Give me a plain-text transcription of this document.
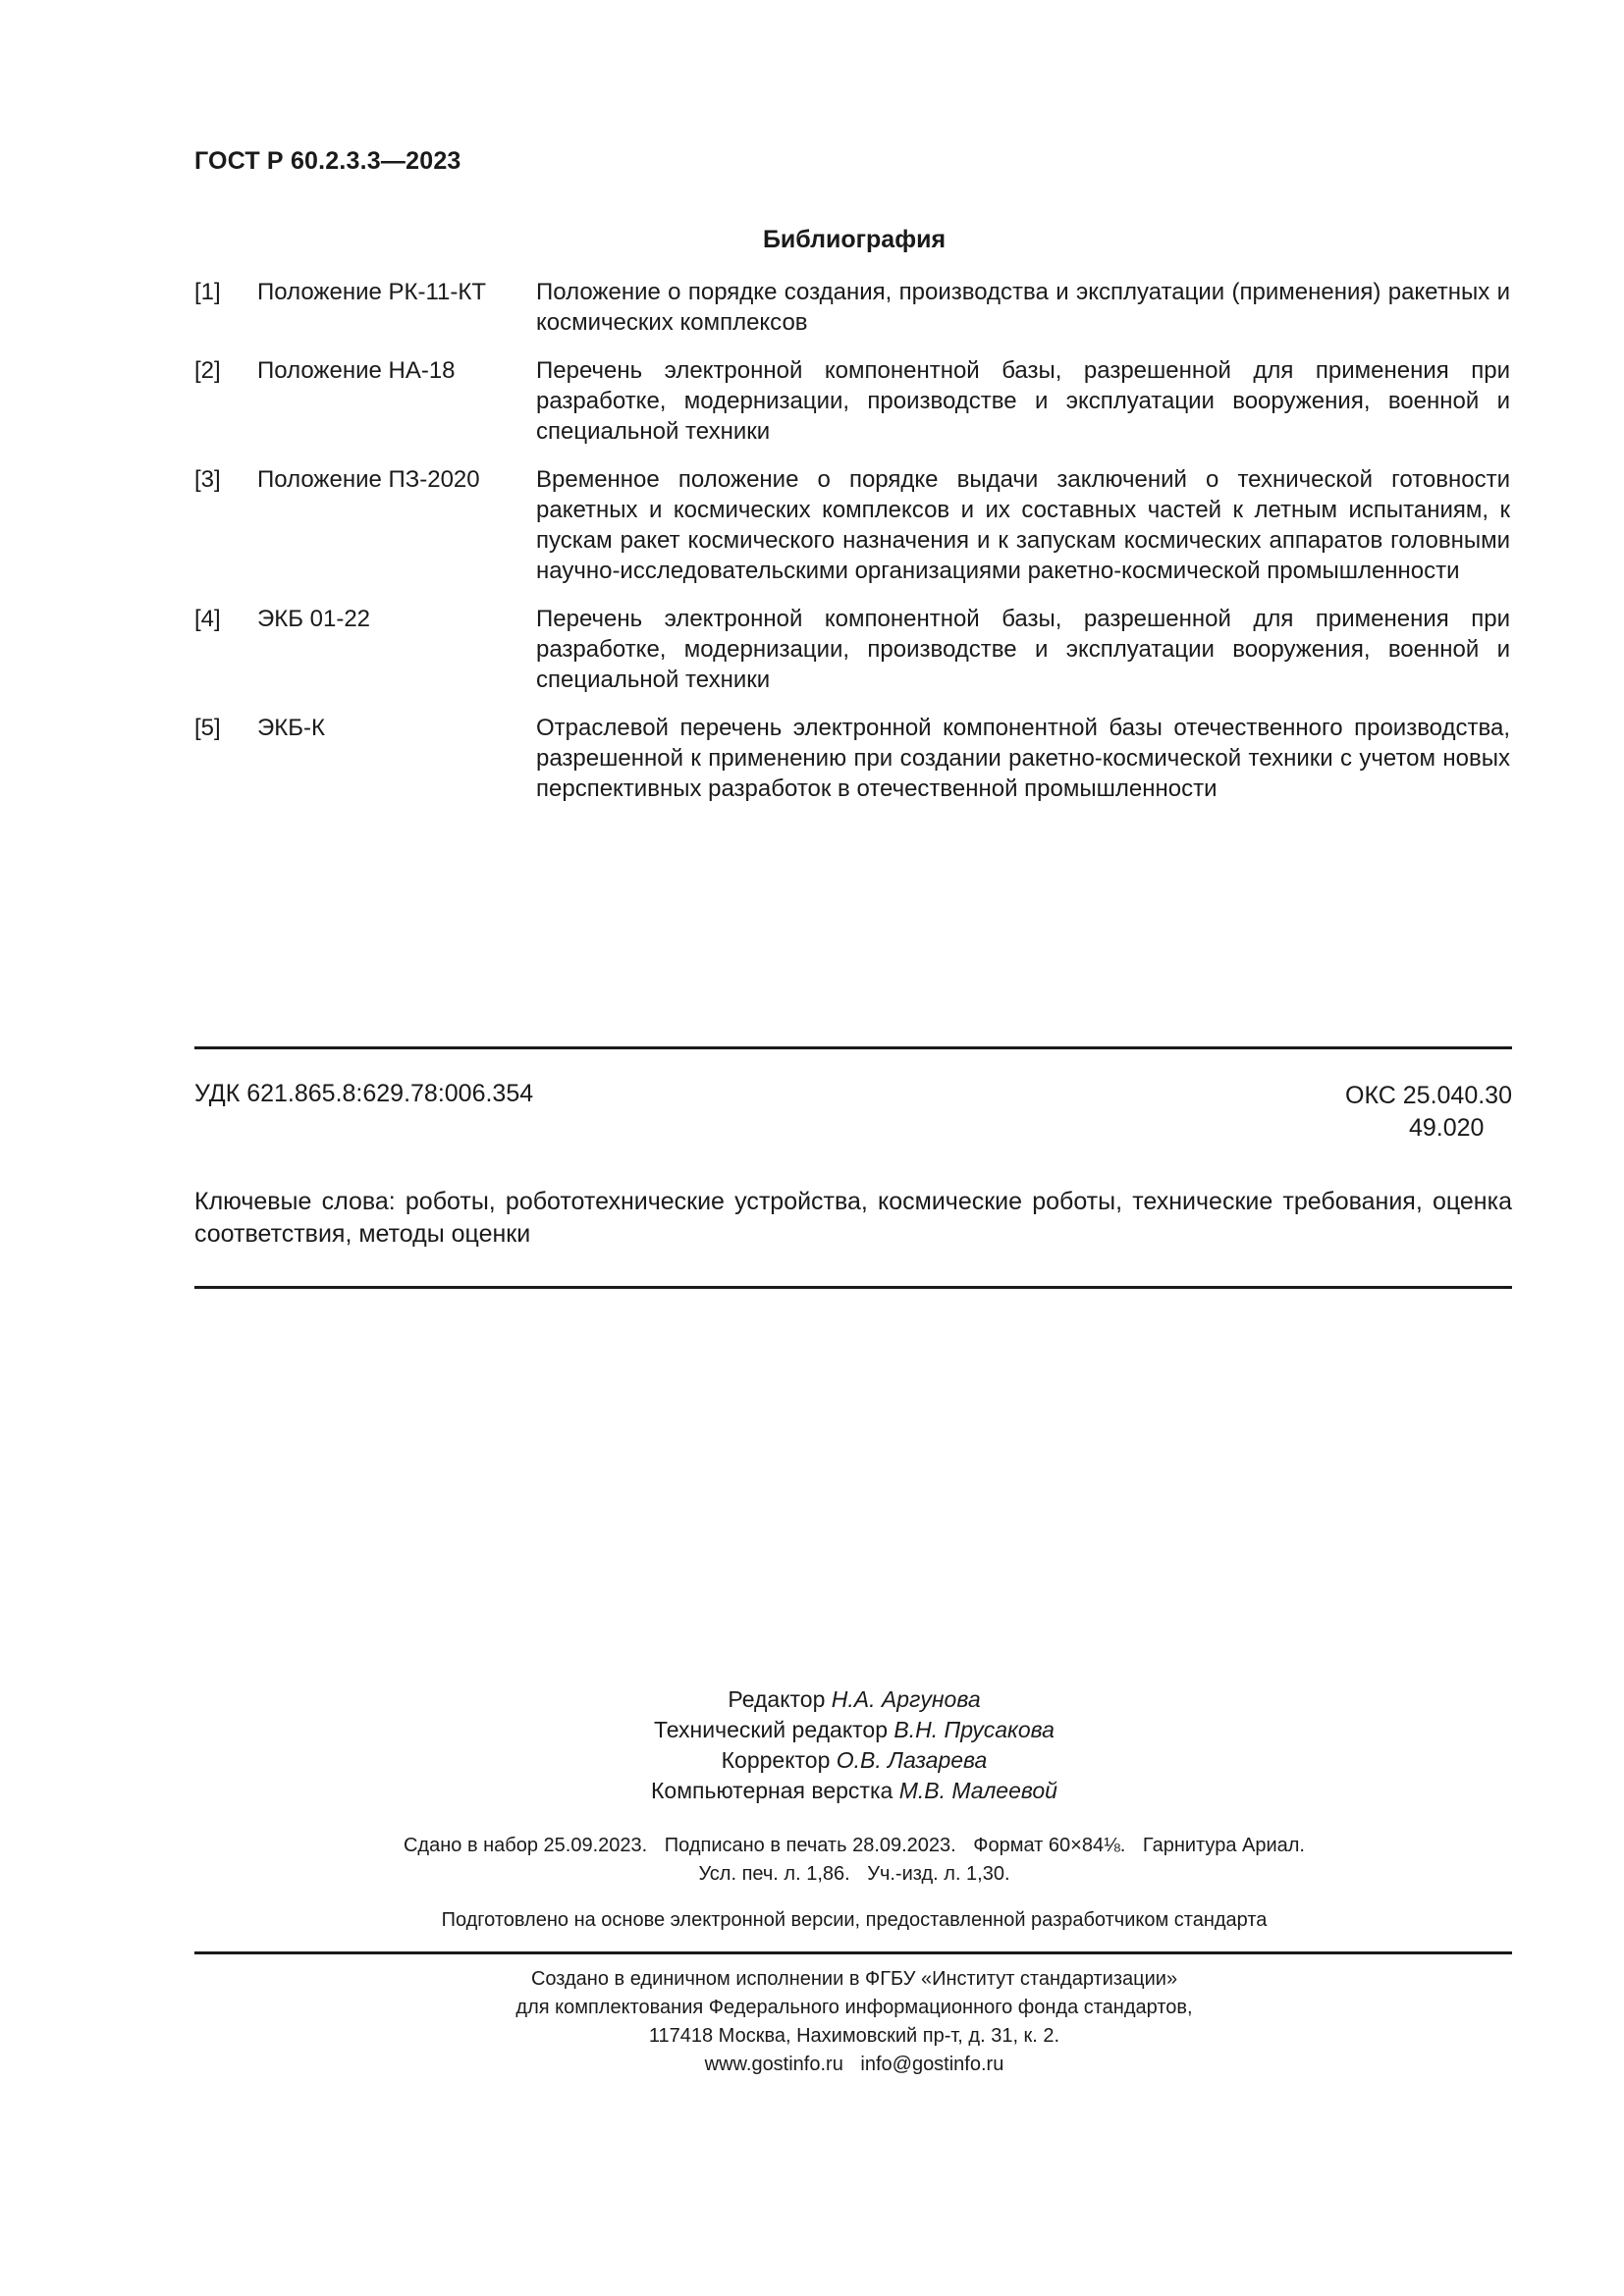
ГОСТ Р 60.2.3.3—2023
Библиография
[1]	Положение РК-11-КТ	Положение о порядке создания, производства и эксплуатации (применения) ракетных и космических комплексов
[2]	Положение НА-18	Перечень электронной компонентной базы, разрешенной для применения при разработке, модернизации, производстве и эксплуатации вооружения, военной и специальной техники
[3]	Положение ПЗ-2020	Временное положение о порядке выдачи заключений о технической готовности ракетных и космических комплексов и их составных частей к летным испытаниям, к пускам ракет космического назначения и к запускам космических аппаратов головными научно-исследовательскими организациями ракетно-космической промышленности
[4]	ЭКБ 01-22	Перечень электронной компонентной базы, разрешенной для применения при разработке, модернизации, производстве и эксплуатации вооружения, военной и специальной техники
[5]	ЭКБ-К	Отраслевой перечень электронной компонентной базы отечественного производства, разрешенной к применению при создании ракетно-космической техники с учетом новых перспективных разработок в отечественной промышленности
УДК 621.865.8:629.78:006.354	ОКС 25.040.30
49.020
Ключевые слова: роботы, робототехнические устройства, космические роботы, технические требования, оценка соответствия, методы оценки
Редактор Н.А. Аргунова
Технический редактор В.Н. Прусакова
Корректор О.В. Лазарева
Компьютерная верстка М.В. Малеевой
Сдано в набор 25.09.2023. Подписано в печать 28.09.2023. Формат 60×84⅛. Гарнитура Ариал.
Усл. печ. л. 1,86. Уч.-изд. л. 1,30.
Подготовлено на основе электронной версии, предоставленной разработчиком стандарта
Создано в единичном исполнении в ФГБУ «Институт стандартизации»
для комплектования Федерального информационного фонда стандартов,
117418 Москва, Нахимовский пр-т, д. 31, к. 2.
www.gostinfo.ru info@gostinfo.ru
